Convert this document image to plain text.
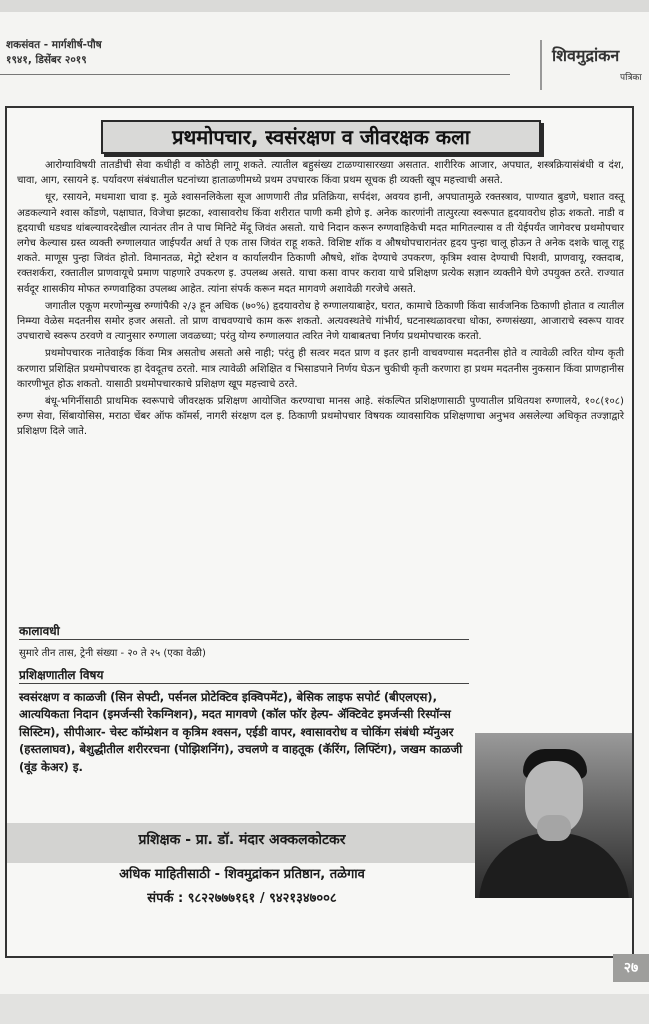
शकसंवत - मार्गशीर्ष-पौष
१९४१, डिसेंबर २०१९	शिवमुद्रांकन
पत्रिका
प्रथमोपचार, स्वसंरक्षण व जीवरक्षक कला

आरोग्याविषयी तातडीची सेवा कधीही व कोठेही लागू शकते. त्यातील बहुसंख्य टाळण्यासारख्या असतात. शारीरिक आजार, अपघात, शस्त्रक्रियासंबंधी व दंश, चावा, आग, रसायने इ. पर्यावरण संबंधातील घटनांच्या हाताळणीमध्ये प्रथम उपचारक किंवा प्रथम सूचक ही व्यक्ती खूप महत्त्वाची असते.

धूर, रसायने, मधमाशा चावा इ. मुळे श्वासनलिकेला सूज आणणारी तीव्र प्रतिक्रिया, सर्पदंश, अवयव हानी, अपघातामुळे रक्तस्त्राव, पाण्यात बुडणे, घशात वस्तू अडकल्याने श्वास कोंडणे, पक्षाघात, विजेचा झटका, श्वासावरोध किंवा शरीरात पाणी कमी होणे इ. अनेक कारणांनी तात्पुरत्या स्वरूपात हृदयावरोध होऊ शकतो. नाडी व हृदयाची धडधड थांबल्यावरदेखील त्यानंतर तीन ते पाच मिनिटे मेंदू जिवंत असतो. याचे निदान करून रुग्णवाहिकेची मदत मागितल्यास व ती येईपर्यंत जागेवरच प्रथमोपचार लगेच केल्यास ग्रस्त व्यक्ती रुग्णालयात जाईपर्यंत अर्धा ते एक तास जिवंत राहू शकते. विशिष्ट शॉक व औषधोपचारानंतर हृदय पुन्हा चालू होऊन ते अनेक दशके चालू राहू शकते. माणूस पुन्हा जिवंत होतो. विमानतळ, मेट्रो स्टेशन व कार्यालयीन ठिकाणी औषधे, शॉक देण्याचे उपकरण, कृत्रिम श्वास देण्याची पिशवी, प्राणवायू, रक्तदाब, रक्तशर्करा, रक्तातील प्राणवायूचे प्रमाण पाहणारे उपकरण इ. उपलब्ध असते. याचा कसा वापर करावा याचे प्रशिक्षण प्रत्येक सज्ञान व्यक्तीने घेणे उपयुक्त ठरते. राज्यात सर्वदूर शासकीय मोफत रुग्णवाहिका उपलब्ध आहेत. त्यांना संपर्क करून मदत मागवणे अशावेळी गरजेचे असते.

जगातील एकूण मरणोन्मुख रुग्णांपैकी २/३ हून अधिक (७०%) हृदयावरोध हे रुग्णालयाबाहेर, घरात, कामाचे ठिकाणी किंवा सार्वजनिक ठिकाणी होतात व त्यातील निम्म्या वेळेस मदतनीस समोर हजर असतो. तो प्राण वाचवण्याचे काम करू शकतो. अत्यवस्थतेचे गांभीर्य, घटनास्थळावरचा धोका, रुग्णसंख्या, आजाराचे स्वरूप यावर उपचाराचे स्वरूप ठरवणे व त्यानुसार रुग्णाला जवळच्या; परंतु योग्य रुग्णालयात त्वरित नेणे याबाबतचा निर्णय प्रथमोपचारक करतो.

प्रथमोपचारक नातेवाईक किंवा मित्र असतोच असतो असे नाही; परंतु ही सत्वर मदत प्राण व इतर हानी वाचवण्यास मदतनीस होते व त्यावेळी त्वरित योग्य कृती करणारा प्रशिक्षित प्रथमोपचारक हा देवदूतच ठरतो. मात्र त्यावेळी अशिक्षित व भिसाडपाने निर्णय घेऊन चुकीची कृती करणारा हा प्रथम मदतनीस नुकसान किंवा प्राणहानीस कारणीभूत होऊ शकतो. यासाठी प्रथमोपचारकाचे प्रशिक्षण खूप महत्त्वाचे ठरते.

बंधू-भगिनींसाठी प्राथमिक स्वरूपाचे जीवरक्षक प्रशिक्षण आयोजित करण्याचा मानस आहे. संकल्पित प्रशिक्षणासाठी पुण्यातील प्रथितयश रुग्णालये, १०८(१०८) रुग्ण सेवा, सिंबायोसिस, मराठा चेंबर ऑफ कॉमर्स, नागरी संरक्षण दल इ. ठिकाणी प्रथमोपचार विषयक व्यावसायिक प्रशिक्षणाचा अनुभव असलेल्या अधिकृत तज्ज्ञाद्वारे प्रशिक्षण दिले जाते.

कालावधी
सुमारे तीन तास, ट्रेनी संख्या - २० ते २५ (एका वेळी)
प्रशिक्षणातील विषय
स्वसंरक्षण व काळजी (सिन सेफ्टी, पर्सनल प्रोटेक्टिव इक्विपमेंट), बेसिक लाइफ सपोर्ट (बीएलएस), आत्ययिकता निदान (इमर्जन्सी रेकग्निशन), मदत मागवणे (कॉल फॉर हेल्प- ॲक्टिवेट इमर्जन्सी रिस्पॉन्स सिस्टिम), सीपीआर- चेस्ट कॉम्प्रेशन व कृत्रिम श्वसन, एईडी वापर, श्वासावरोध व चोकिंग संबंधी म्यॅनुअर (हस्तलाघव), बेशुद्धीतील शरीररचना (पोझिशनिंग), उचलणे व वाहतूक (कॅरिंग, लिफ्टिंग), जखम काळजी (वूंड केअर) इ.
प्रशिक्षक - प्रा. डॉ. मंदार अक्कलकोटकर
अधिक माहितीसाठी - शिवमुद्रांकन प्रतिष्ठान, तळेगाव
संपर्क : ९८२२७७७१६१ / ९४२१३४७००८
२७
